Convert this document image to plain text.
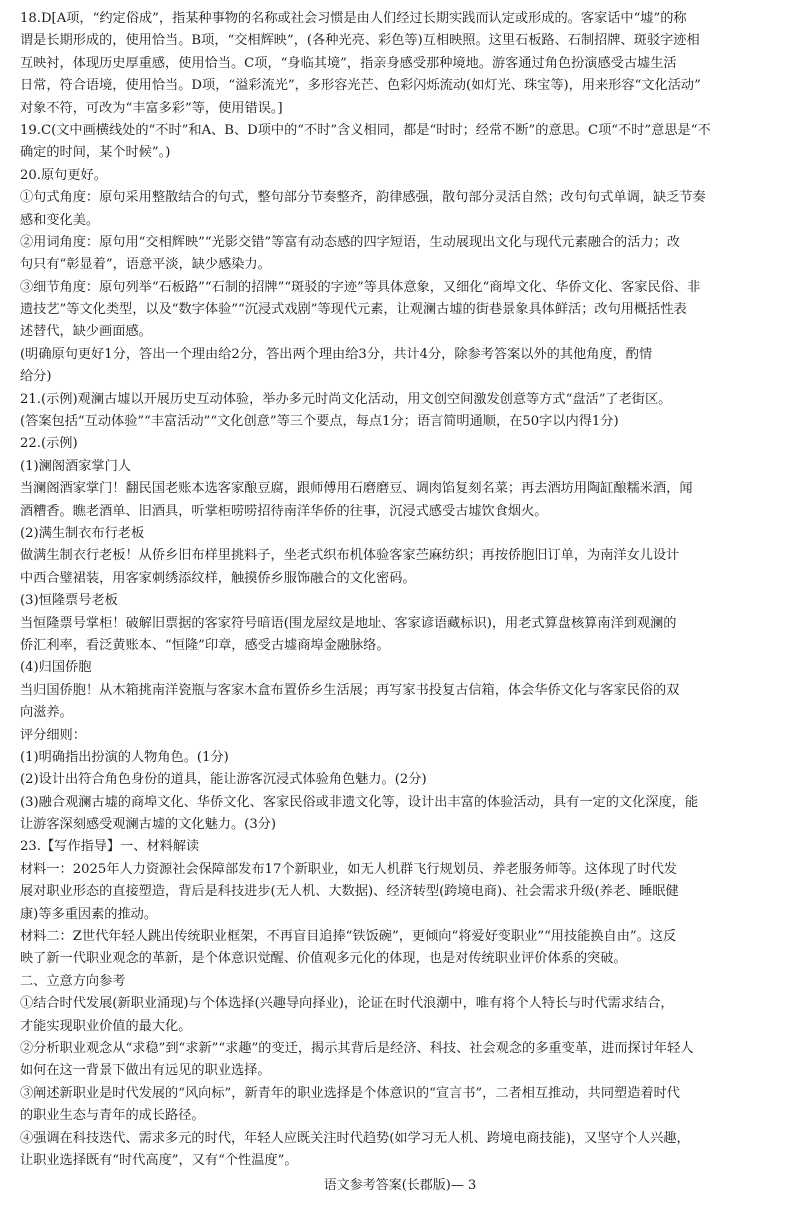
18.D[A项，“约定俗成”，指某种事物的名称或社会习惯是由人们经过长期实践而认定或形成的。客家话中“墟”的称
谓是长期形成的，使用恰当。B项，“交相辉映”，(各种光亮、彩色等)互相映照。这里石板路、石制招牌、斑驳字迹相
互映衬，体现历史厚重感，使用恰当。C项，“身临其境”，指亲身感受那种境地。游客通过角色扮演感受古墟生活
日常，符合语境，使用恰当。D项，“溢彩流光”，多形容光芒、色彩闪烁流动(如灯光、珠宝等)，用来形容“文化活动”
对象不符，可改为“丰富多彩”等，使用错误。]
19.C(文中画横线处的“不时”和A、B、D项中的“不时”含义相同，都是“时时；经常不断”的意思。C项“不时”意思是“不
确定的时间，某个时候”。)
20.原句更好。
①句式角度：原句采用整散结合的句式，整句部分节奏整齐，韵律感强，散句部分灵活自然；改句句式单调，缺乏节奏
感和变化美。
②用词角度：原句用“交相辉映”“光影交错”等富有动态感的四字短语，生动展现出文化与现代元素融合的活力；改
句只有“彰显着”，语意平淡，缺少感染力。
③细节角度：原句列举“石板路”“石制的招牌”“斑驳的字迹”等具体意象，又细化“商埠文化、华侨文化、客家民俗、非
遗技艺”等文化类型，以及“数字体验”“沉浸式戏剧”等现代元素，让观澜古墟的街巷景象具体鲜活；改句用概括性表
述替代，缺少画面感。
(明确原句更好1分，答出一个理由给2分，答出两个理由给3分，共计4分，除参考答案以外的其他角度，酌情
给分)
21.(示例)观澜古墟以开展历史互动体验，举办多元时尚文化活动，用文创空间激发创意等方式“盘活”了老街区。
(答案包括“互动体验”“丰富活动”“文化创意”等三个要点，每点1分；语言简明通顺，在50字以内得1分)
22.(示例)
(1)澜阁酒家掌门人
当澜阁酒家掌门！翻民国老账本选客家酿豆腐，跟师傅用石磨磨豆、调肉馅复刻名菜；再去酒坊用陶缸酿糯米酒，闻
酒糟香。瞧老酒单、旧酒具，听掌柜唠唠招待南洋华侨的往事，沉浸式感受古墟饮食烟火。
(2)满生制衣布行老板
做满生制衣行老板！从侨乡旧布样里挑料子，坐老式织布机体验客家苎麻纺织；再按侨胞旧订单，为南洋女儿设计
中西合璧裙装，用客家刺绣添纹样，触摸侨乡服饰融合的文化密码。
(3)恒隆票号老板
当恒隆票号掌柜！破解旧票据的客家符号暗语(围龙屋纹是地址、客家谚语藏标识)，用老式算盘核算南洋到观澜的
侨汇利率，看泛黄账本、“恒隆”印章，感受古墟商埠金融脉络。
(4)归国侨胞
当归国侨胞！从木箱挑南洋瓷瓶与客家木盒布置侨乡生活展；再写家书投复古信箱，体会华侨文化与客家民俗的双
向滋养。
评分细则：
(1)明确指出扮演的人物角色。(1分)
(2)设计出符合角色身份的道具，能让游客沉浸式体验角色魅力。(2分)
(3)融合观澜古墟的商埠文化、华侨文化、客家民俗或非遗文化等，设计出丰富的体验活动，具有一定的文化深度，能
让游客深刻感受观澜古墟的文化魅力。(3分)
23.【写作指导】一、材料解读
材料一：2025年人力资源社会保障部发布17个新职业，如无人机群飞行规划员、养老服务师等。这体现了时代发
展对职业形态的直接塑造，背后是科技进步(无人机、大数据)、经济转型(跨境电商)、社会需求升级(养老、睡眠健
康)等多重因素的推动。
材料二：Z世代年轻人跳出传统职业框架，不再盲目追捧“铁饭碗”，更倾向“将爱好变职业”“用技能换自由”。这反
映了新一代职业观念的革新，是个体意识觉醒、价值观多元化的体现，也是对传统职业评价体系的突破。
二、立意方向参考
①结合时代发展(新职业涌现)与个体选择(兴趣导向择业)，论证在时代浪潮中，唯有将个人特长与时代需求结合，
才能实现职业价值的最大化。
②分析职业观念从“求稳”到“求新”“求趣”的变迁，揭示其背后是经济、科技、社会观念的多重变革，进而探讨年轻人
如何在这一背景下做出有远见的职业选择。
③阐述新职业是时代发展的“风向标”，新青年的职业选择是个体意识的“宣言书”，二者相互推动，共同塑造着时代
的职业生态与青年的成长路径。
④强调在科技迭代、需求多元的时代，年轻人应既关注时代趋势(如学习无人机、跨境电商技能)，又坚守个人兴趣，
让职业选择既有“时代高度”，又有“个性温度”。
语文参考答案(长郡版)— 3
